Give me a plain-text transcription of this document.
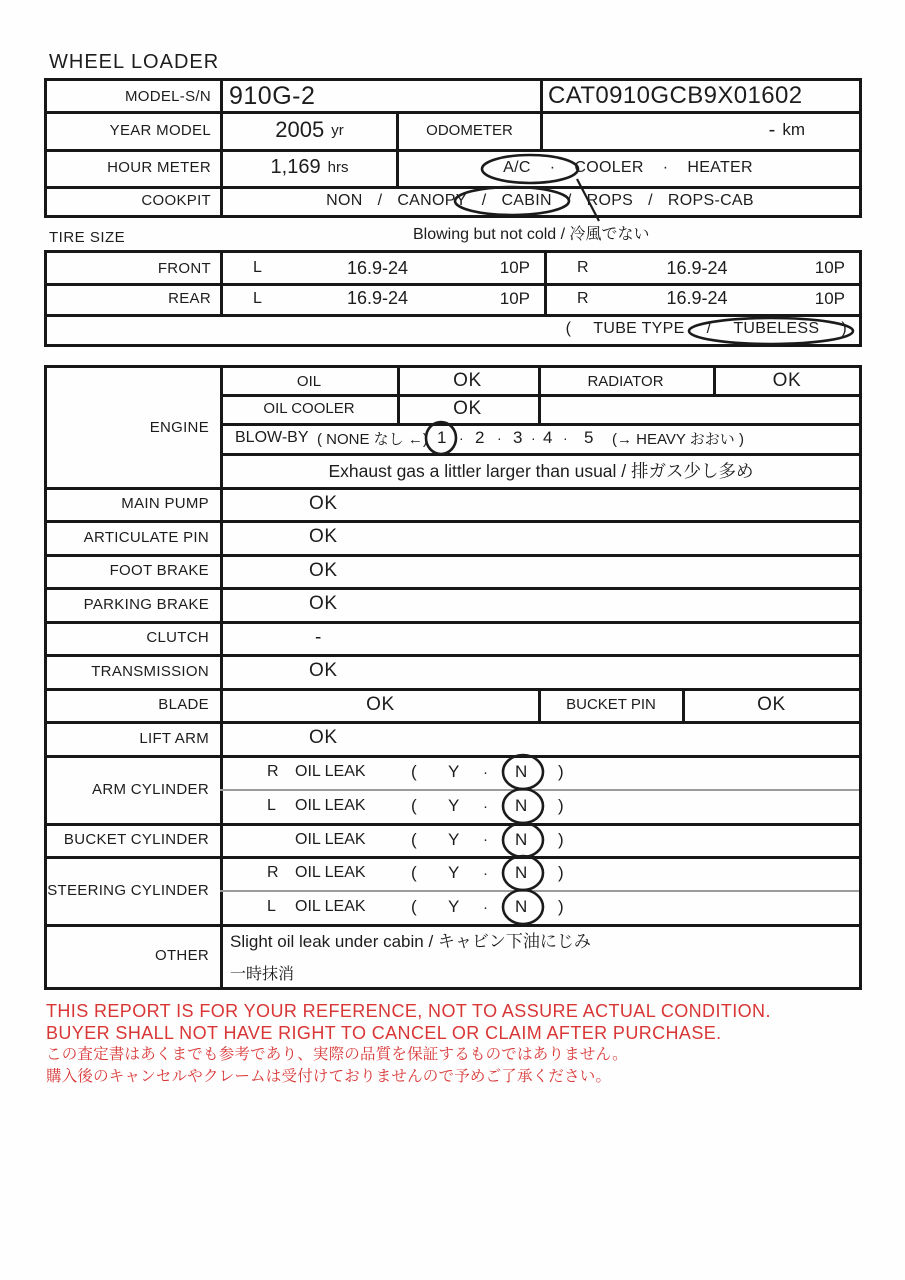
WHEEL LOADER
MODEL-S/N 910G-2	CAT0910GCB9X01602
YEAR MODEL	2005 yr	ODOMETER	- km
HOUR METER	1,169 hrs	A/C · COOLER · HEATER
COOKPIT	NON / CANOPY / CABIN / ROPS / ROPS-CAB
Blowing but not cold / 冷風でない
TIRE SIZE
FRONT	L	16.9-24	10P	R	16.9-24	10P
REAR	L	16.9-24	10P	R	16.9-24	10P
( TUBE TYPE / TUBELESS )
ENGINE
OIL	OK	RADIATOR	OK
OIL COOLER	OK
BLOW-BY ( NONE なし ←) 1 · 2 · 3 · 4 · 5 (→ HEAVY おおい )
Exhaust gas a littler larger than usual / 排ガス少し多め
MAIN PUMP	OK
ARTICULATE PIN	OK
FOOT BRAKE	OK
PARKING BRAKE	OK
CLUTCH	-
TRANSMISSION	OK
BLADE	OK	BUCKET PIN	OK
LIFT ARM	OK
ARM CYLINDER
R OIL LEAK	( Y · N )
L OIL LEAK	( Y · N )
BUCKET CYLINDER	OIL LEAK	( Y · N )
STEERING CYLINDER
R OIL LEAK	( Y · N )
L OIL LEAK	( Y · N )
OTHER
Slight oil leak under cabin / キャビン下油にじみ
一時抹消
THIS REPORT IS FOR YOUR REFERENCE, NOT TO ASSURE ACTUAL CONDITION.
BUYER SHALL NOT HAVE RIGHT TO CANCEL OR CLAIM AFTER PURCHASE.
この査定書はあくまでも参考であり、実際の品質を保証するものではありません。
購入後のキャンセルやクレームは受付けておりませんので予めご了承ください。
